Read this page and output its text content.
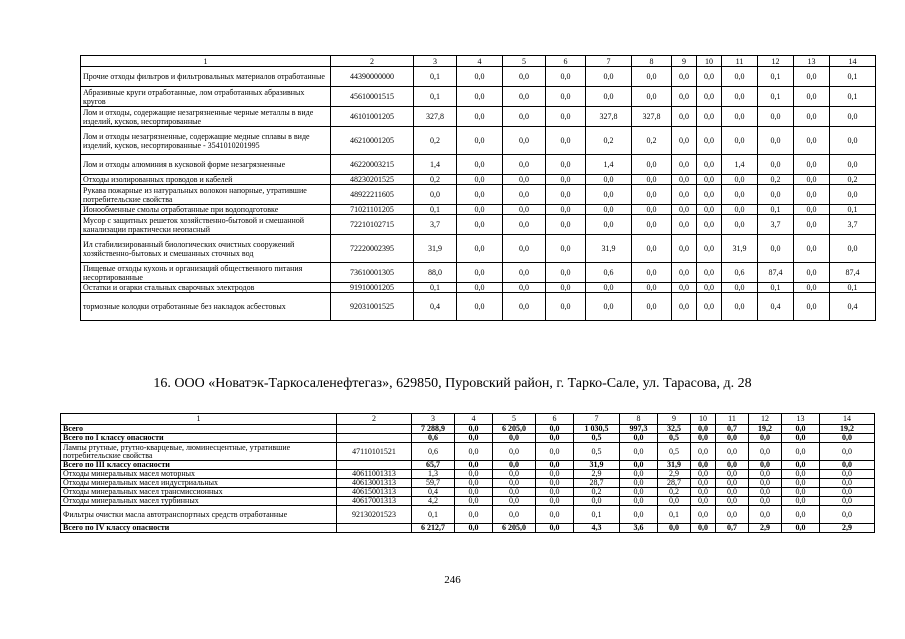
1	2	3	4	5	6	7	8	9	10	11	12	13	14
Прочие отходы фильтров и фильтровальных материалов отработанные	44390000000	0,1	0,0	0,0	0,0	0,0	0,0	0,0	0,0	0,0	0,1	0,0	0,1
Абразивные круги отработанные, лом отработанных абразивных кругов	45610001515	0,1	0,0	0,0	0,0	0,0	0,0	0,0	0,0	0,0	0,1	0,0	0,1
Лом и отходы, содержащие незагрязненные черные металлы в виде изделий, кусков, несортированные	46101001205	327,8	0,0	0,0	0,0	327,8	327,8	0,0	0,0	0,0	0,0	0,0	0,0
Лом и отходы незагрязненные, содержащие медные сплавы в виде изделий, кусков, несортированные - 3541010201995	46210001205	0,2	0,0	0,0	0,0	0,2	0,2	0,0	0,0	0,0	0,0	0,0	0,0
Лом и отходы алюминия в кусковой форме незагрязненные	46220003215	1,4	0,0	0,0	0,0	1,4	0,0	0,0	0,0	1,4	0,0	0,0	0,0
Отходы изолированных проводов и кабелей	48230201525	0,2	0,0	0,0	0,0	0,0	0,0	0,0	0,0	0,0	0,2	0,0	0,2
Рукава пожарные из натуральных волокон напорные, утратившие потребительские свойства	48922211605	0,0	0,0	0,0	0,0	0,0	0,0	0,0	0,0	0,0	0,0	0,0	0,0
Ионообменные смолы отработанные при водоподготовке	71021101205	0,1	0,0	0,0	0,0	0,0	0,0	0,0	0,0	0,0	0,1	0,0	0,1
Мусор с защитных решеток хозяйственно-бытовой и смешанной канализации практически неопасный	72210102715	3,7	0,0	0,0	0,0	0,0	0,0	0,0	0,0	0,0	3,7	0,0	3,7
Ил стабилизированный биологических очистных сооружений хозяйственно-бытовых и смешанных сточных вод	72220002395	31,9	0,0	0,0	0,0	31,9	0,0	0,0	0,0	31,9	0,0	0,0	0,0
Пищевые отходы кухонь и организаций общественного питания несортированные	73610001305	88,0	0,0	0,0	0,0	0,6	0,0	0,0	0,0	0,6	87,4	0,0	87,4
Остатки и огарки стальных сварочных электродов	91910001205	0,1	0,0	0,0	0,0	0,0	0,0	0,0	0,0	0,0	0,1	0,0	0,1
тормозные колодки отработанные без накладок асбестовых	92031001525	0,4	0,0	0,0	0,0	0,0	0,0	0,0	0,0	0,0	0,4	0,0	0,4
16. ООО «Новатэк-Таркосаленефтегаз», 629850, Пуровский район, г. Тарко-Сале, ул. Тарасова, д. 28
1	2	3	4	5	6	7	8	9	10	11	12	13	14
Всего		7 288,9	0,0	6 205,0	0,0	1 030,5	997,3	32,5	0,0	0,7	19,2	0,0	19,2
Всего по I классу опасности		0,6	0,0	0,0	0,0	0,5	0,0	0,5	0,0	0,0	0,0	0,0	0,0
Лампы ртутные, ртутно-кварцевые, люминесцентные, утратившие потребительские свойства	47110101521	0,6	0,0	0,0	0,0	0,5	0,0	0,5	0,0	0,0	0,0	0,0	0,0
Всего по III классу опасности		65,7	0,0	0,0	0,0	31,9	0,0	31,9	0,0	0,0	0,0	0,0	0,0
Отходы минеральных масел моторных	40611001313	1,3	0,0	0,0	0,0	2,9	0,0	2,9	0,0	0,0	0,0	0,0	0,0
Отходы минеральных масел индустриальных	40613001313	59,7	0,0	0,0	0,0	28,7	0,0	28,7	0,0	0,0	0,0	0,0	0,0
Отходы минеральных масел трансмиссионных	40615001313	0,4	0,0	0,0	0,0	0,2	0,0	0,2	0,0	0,0	0,0	0,0	0,0
Отходы минеральных масел турбинных	40617001313	4,2	0,0	0,0	0,0	0,0	0,0	0,0	0,0	0,0	0,0	0,0	0,0
Фильтры очистки масла автотранспортных средств отработанные	92130201523	0,1	0,0	0,0	0,0	0,1	0,0	0,1	0,0	0,0	0,0	0,0	0,0
Всего по IV классу опасности		6 212,7	0,0	6 205,0	0,0	4,3	3,6	0,0	0,0	0,7	2,9	0,0	2,9
246
